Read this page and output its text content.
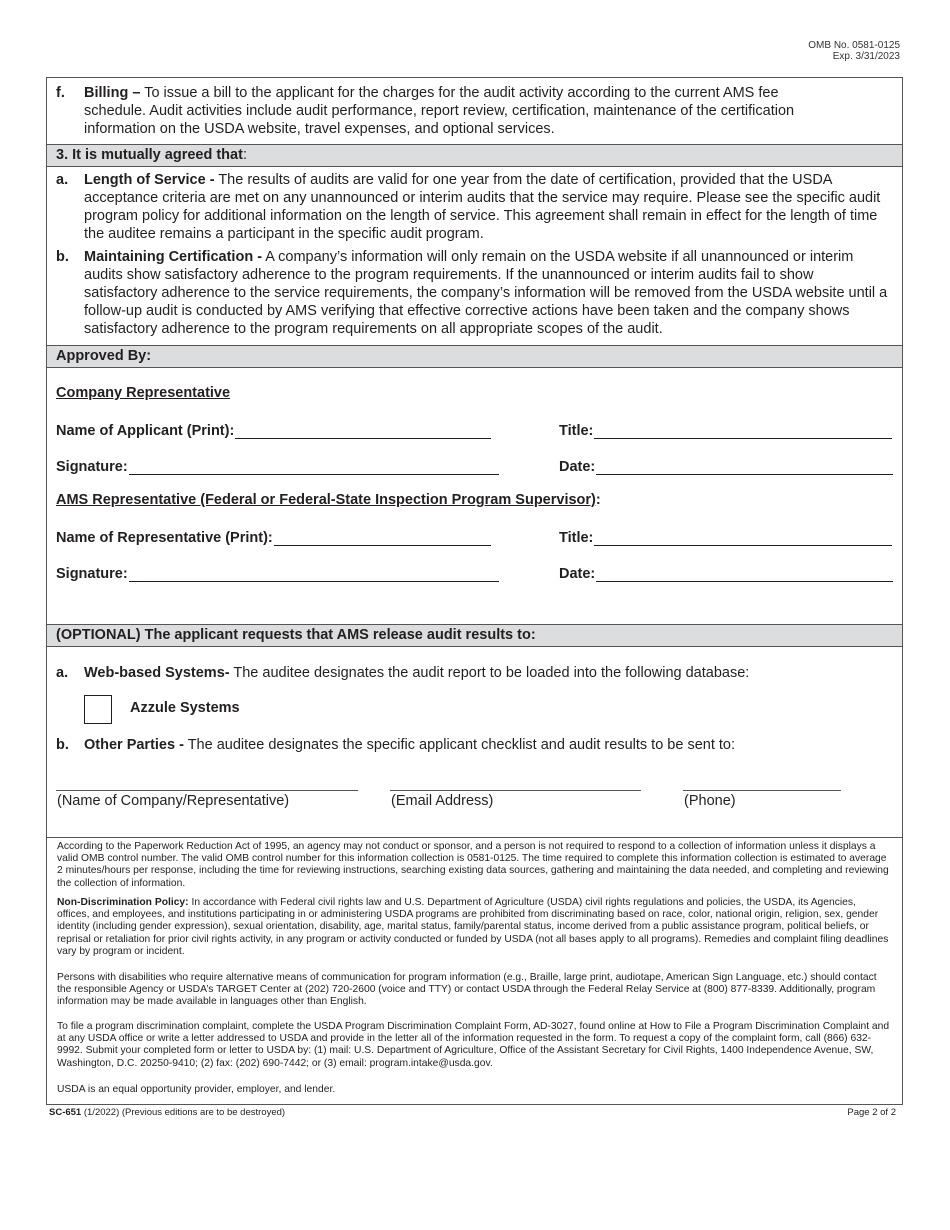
OMB No. 0581-0125
Exp. 3/31/2023
f. Billing – To issue a bill to the applicant for the charges for the audit activity according to the current AMS fee schedule. Audit activities include audit performance, report review, certification, maintenance of the certification information on the USDA website, travel expenses, and optional services.
3. It is mutually agreed that:
a. Length of Service - The results of audits are valid for one year from the date of certification, provided that the USDA acceptance criteria are met on any unannounced or interim audits that the service may require. Please see the specific audit program policy for additional information on the length of service. This agreement shall remain in effect for the length of time the auditee remains a participant in the specific audit program.
b. Maintaining Certification - A company’s information will only remain on the USDA website if all unannounced or interim audits show satisfactory adherence to the program requirements. If the unannounced or interim audits fail to show satisfactory adherence to the service requirements, the company’s information will be removed from the USDA website until a follow-up audit is conducted by AMS verifying that effective corrective actions have been taken and the company shows satisfactory adherence to the program requirements on all appropriate scopes of the audit.
Approved By:
Company Representative
Name of Applicant (Print):	Title:
Signature:	Date:
AMS Representative (Federal or Federal-State Inspection Program Supervisor):
Name of Representative (Print):	Title:
Signature:	Date:
(OPTIONAL) The applicant requests that AMS release audit results to:
a. Web-based Systems- The auditee designates the audit report to be loaded into the following database:
Azzule Systems
b. Other Parties - The auditee designates the specific applicant checklist and audit results to be sent to:
(Name of Company/Representative)	(Email Address)	(Phone)
According to the Paperwork Reduction Act of 1995, an agency may not conduct or sponsor, and a person is not required to respond to a collection of information unless it displays a valid OMB control number. The valid OMB control number for this information collection is 0581-0125. The time required to complete this information collection is estimated to average 2 minutes/hours per response, including the time for reviewing instructions, searching existing data sources, gathering and maintaining the data needed, and completing and reviewing the collection of information.
Non-Discrimination Policy: In accordance with Federal civil rights law and U.S. Department of Agriculture (USDA) civil rights regulations and policies, the USDA, its Agencies, offices, and employees, and institutions participating in or administering USDA programs are prohibited from discriminating based on race, color, national origin, religion, sex, gender identity (including gender expression), sexual orientation, disability, age, marital status, family/parental status, income derived from a public assistance program, political beliefs, or reprisal or retaliation for prior civil rights activity, in any program or activity conducted or funded by USDA (not all bases apply to all programs). Remedies and complaint filing deadlines vary by program or incident.
Persons with disabilities who require alternative means of communication for program information (e.g., Braille, large print, audiotape, American Sign Language, etc.) should contact the responsible Agency or USDA’s TARGET Center at (202) 720-2600 (voice and TTY) or contact USDA through the Federal Relay Service at (800) 877-8339. Additionally, program information may be made available in languages other than English.
To file a program discrimination complaint, complete the USDA Program Discrimination Complaint Form, AD-3027, found online at How to File a Program Discrimination Complaint and at any USDA office or write a letter addressed to USDA and provide in the letter all of the information requested in the form. To request a copy of the complaint form, call (866) 632-9992. Submit your completed form or letter to USDA by: (1) mail: U.S. Department of Agriculture, Office of the Assistant Secretary for Civil Rights, 1400 Independence Avenue, SW, Washington, D.C. 20250-9410; (2) fax: (202) 690-7442; or (3) email: program.intake@usda.gov.
USDA is an equal opportunity provider, employer, and lender.
SC-651 (1/2022) (Previous editions are to be destroyed)	Page 2 of 2
